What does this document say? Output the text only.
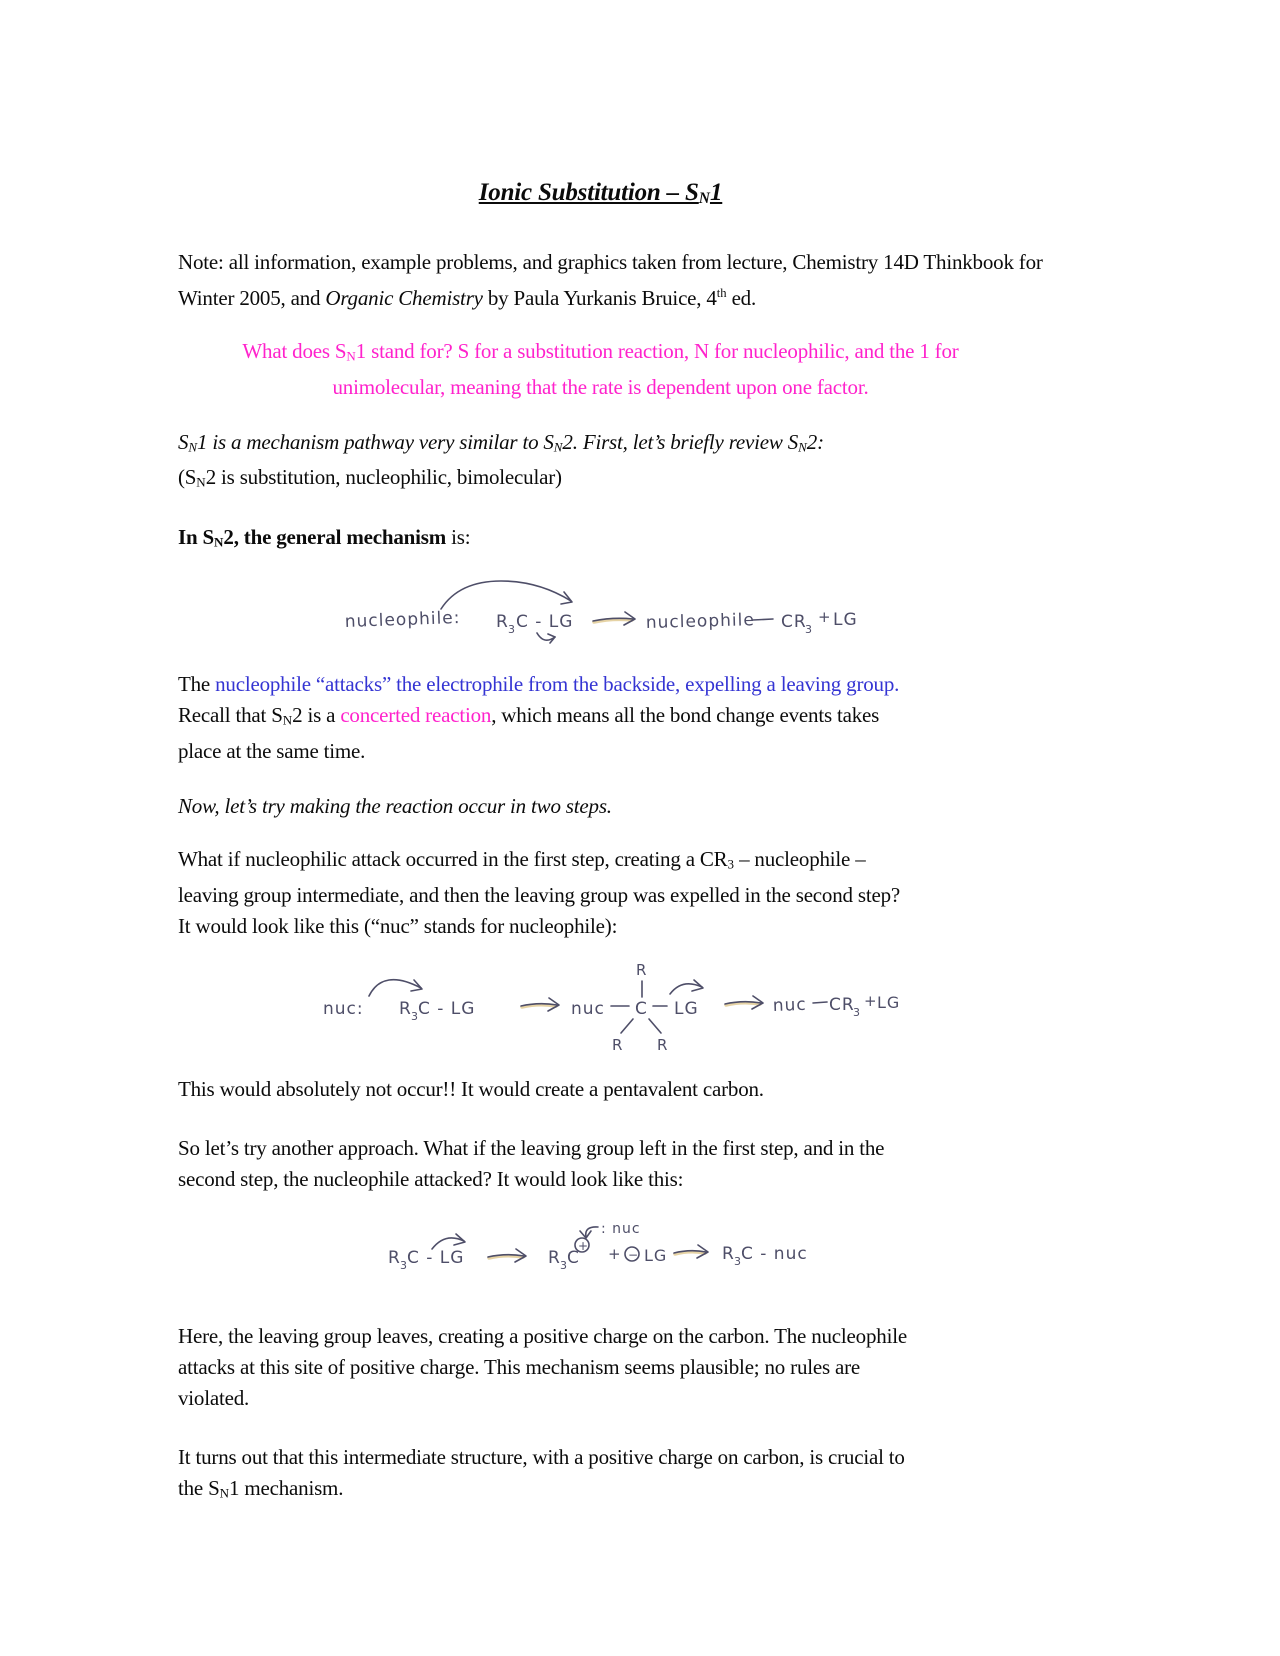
Ionic Substitution – $S_N1$

Note: all information, example problems, and graphics taken from lecture, Chemistry 14D Thinkbook for
Winter 2005, and Organic Chemistry by Paula Yurkanis Bruice, 4th ed.

What does $S_N1$ stand for? S for a substitution reaction, N for nucleophilic, and the 1 for
unimolecular, meaning that the rate is dependent upon one factor.

$S_N1$ is a mechanism pathway very similar to $S_N2$. First, let’s briefly review $S_N2$:
($S_N2$ is substitution, nucleophilic, bimolecular)

In $S_N2$, the general mechanism is:

nucleophile: R 3 C - LG	nucleophile CR
3
+ LG

The nucleophile “attacks” the electrophile from the backside, expelling a leaving group.
Recall that $S_N2$ is a concerted reaction, which means all the bond change events takes
place at the same time.

Now, let’s try making the reaction occur in two steps.

What if nucleophilic attack occurred in the first step, creating a $CR_3$ – nucleophile –
leaving group intermediate, and then the leaving group was expelled in the second step?
It would look like this (“nuc” stands for nucleophile):

nuc: R 3 C - LG	nuc C
R
R R
LG	nuc CR
3
+ LG

This would absolutely not occur!! It would create a pentavalent carbon.

So let’s try another approach. What if the leaving group left in the first step, and in the
second step, the nucleophile attacked? It would look like this:

R 3 C - LG	R 3 C
+
: nuc
+ − LG	R 3 C - nuc

Here, the leaving group leaves, creating a positive charge on the carbon. The nucleophile
attacks at this site of positive charge. This mechanism seems plausible; no rules are
violated.

It turns out that this intermediate structure, with a positive charge on carbon, is crucial to
the $S_N1$ mechanism.
